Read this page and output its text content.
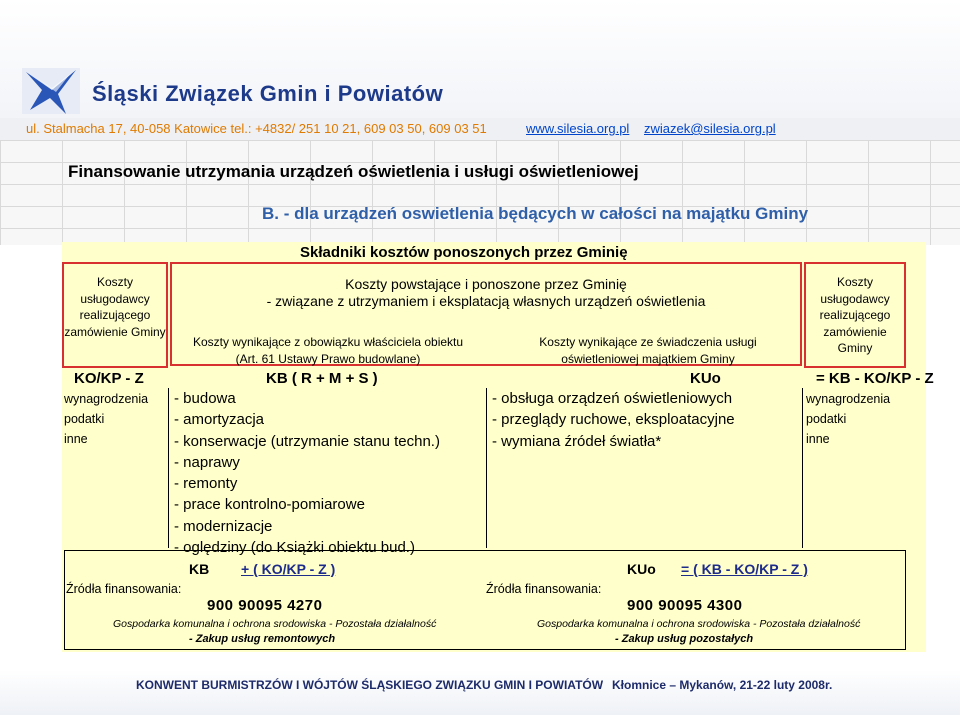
Śląski Związek Gmin i Powiatów
ul. Stalmacha 17, 40-058 Katowice tel.: +4832/ 251 10 21, 609 03 50, 609 03 51	www.silesia.org.pl zwiazek@silesia.org.pl
Finansowanie utrzymania urządzeń oświetlenia i usługi oświetleniowej
B. - dla urządzeń oswietlenia będących w całości na majątku Gminy
Składniki kosztów ponoszonych przez Gminię
Koszty usługodawcy realizującego zamówienie Gminy
Koszty powstające i ponoszone przez Gminię
- związane z utrzymaniem i eksplatacją własnych urządzeń oświetlenia
Koszty wynikające z obowiązku właściciela obiektu
(Art. 61 Ustawy Prawo budowlane)
Koszty wynikające ze świadczenia usługi
oświetleniowej majątkiem Gminy
Koszty usługodawcy realizującego zamówienie Gminy
KO/KP - Z	KB ( R + M + S )	KUo	= KB - KO/KP - Z
wynagrodzenia
podatki
inne
wynagrodzenia
podatki
inne
- budowa
- amortyzacja
- konserwacje (utrzymanie stanu techn.)
- naprawy
- remonty
- prace kontrolno-pomiarowe
- modernizacje
- oględziny (do Książki obiektu bud.)
- obsługa orządzeń oświetleniowych
- przeglądy ruchowe, eksploatacyjne
- wymiana źródeł światła*
KB + ( KO/KP - Z )	KUo = ( KB - KO/KP - Z )
Źródła finansowania:	Źródła finansowania:
900 90095 4270	900 90095 4300
Gospodarka komunalna i ochrona srodowiska - Pozostała działalność	Gospodarka komunalna i ochrona srodowiska - Pozostała działalność
- Zakup usług remontowych	- Zakup usług pozostałych
KONWENT BURMISTRZÓW I WÓJTÓW ŚLĄSKIEGO ZWIĄZKU GMIN I POWIATÓW Kłomnice – Mykanów, 21-22 luty 2008r.
